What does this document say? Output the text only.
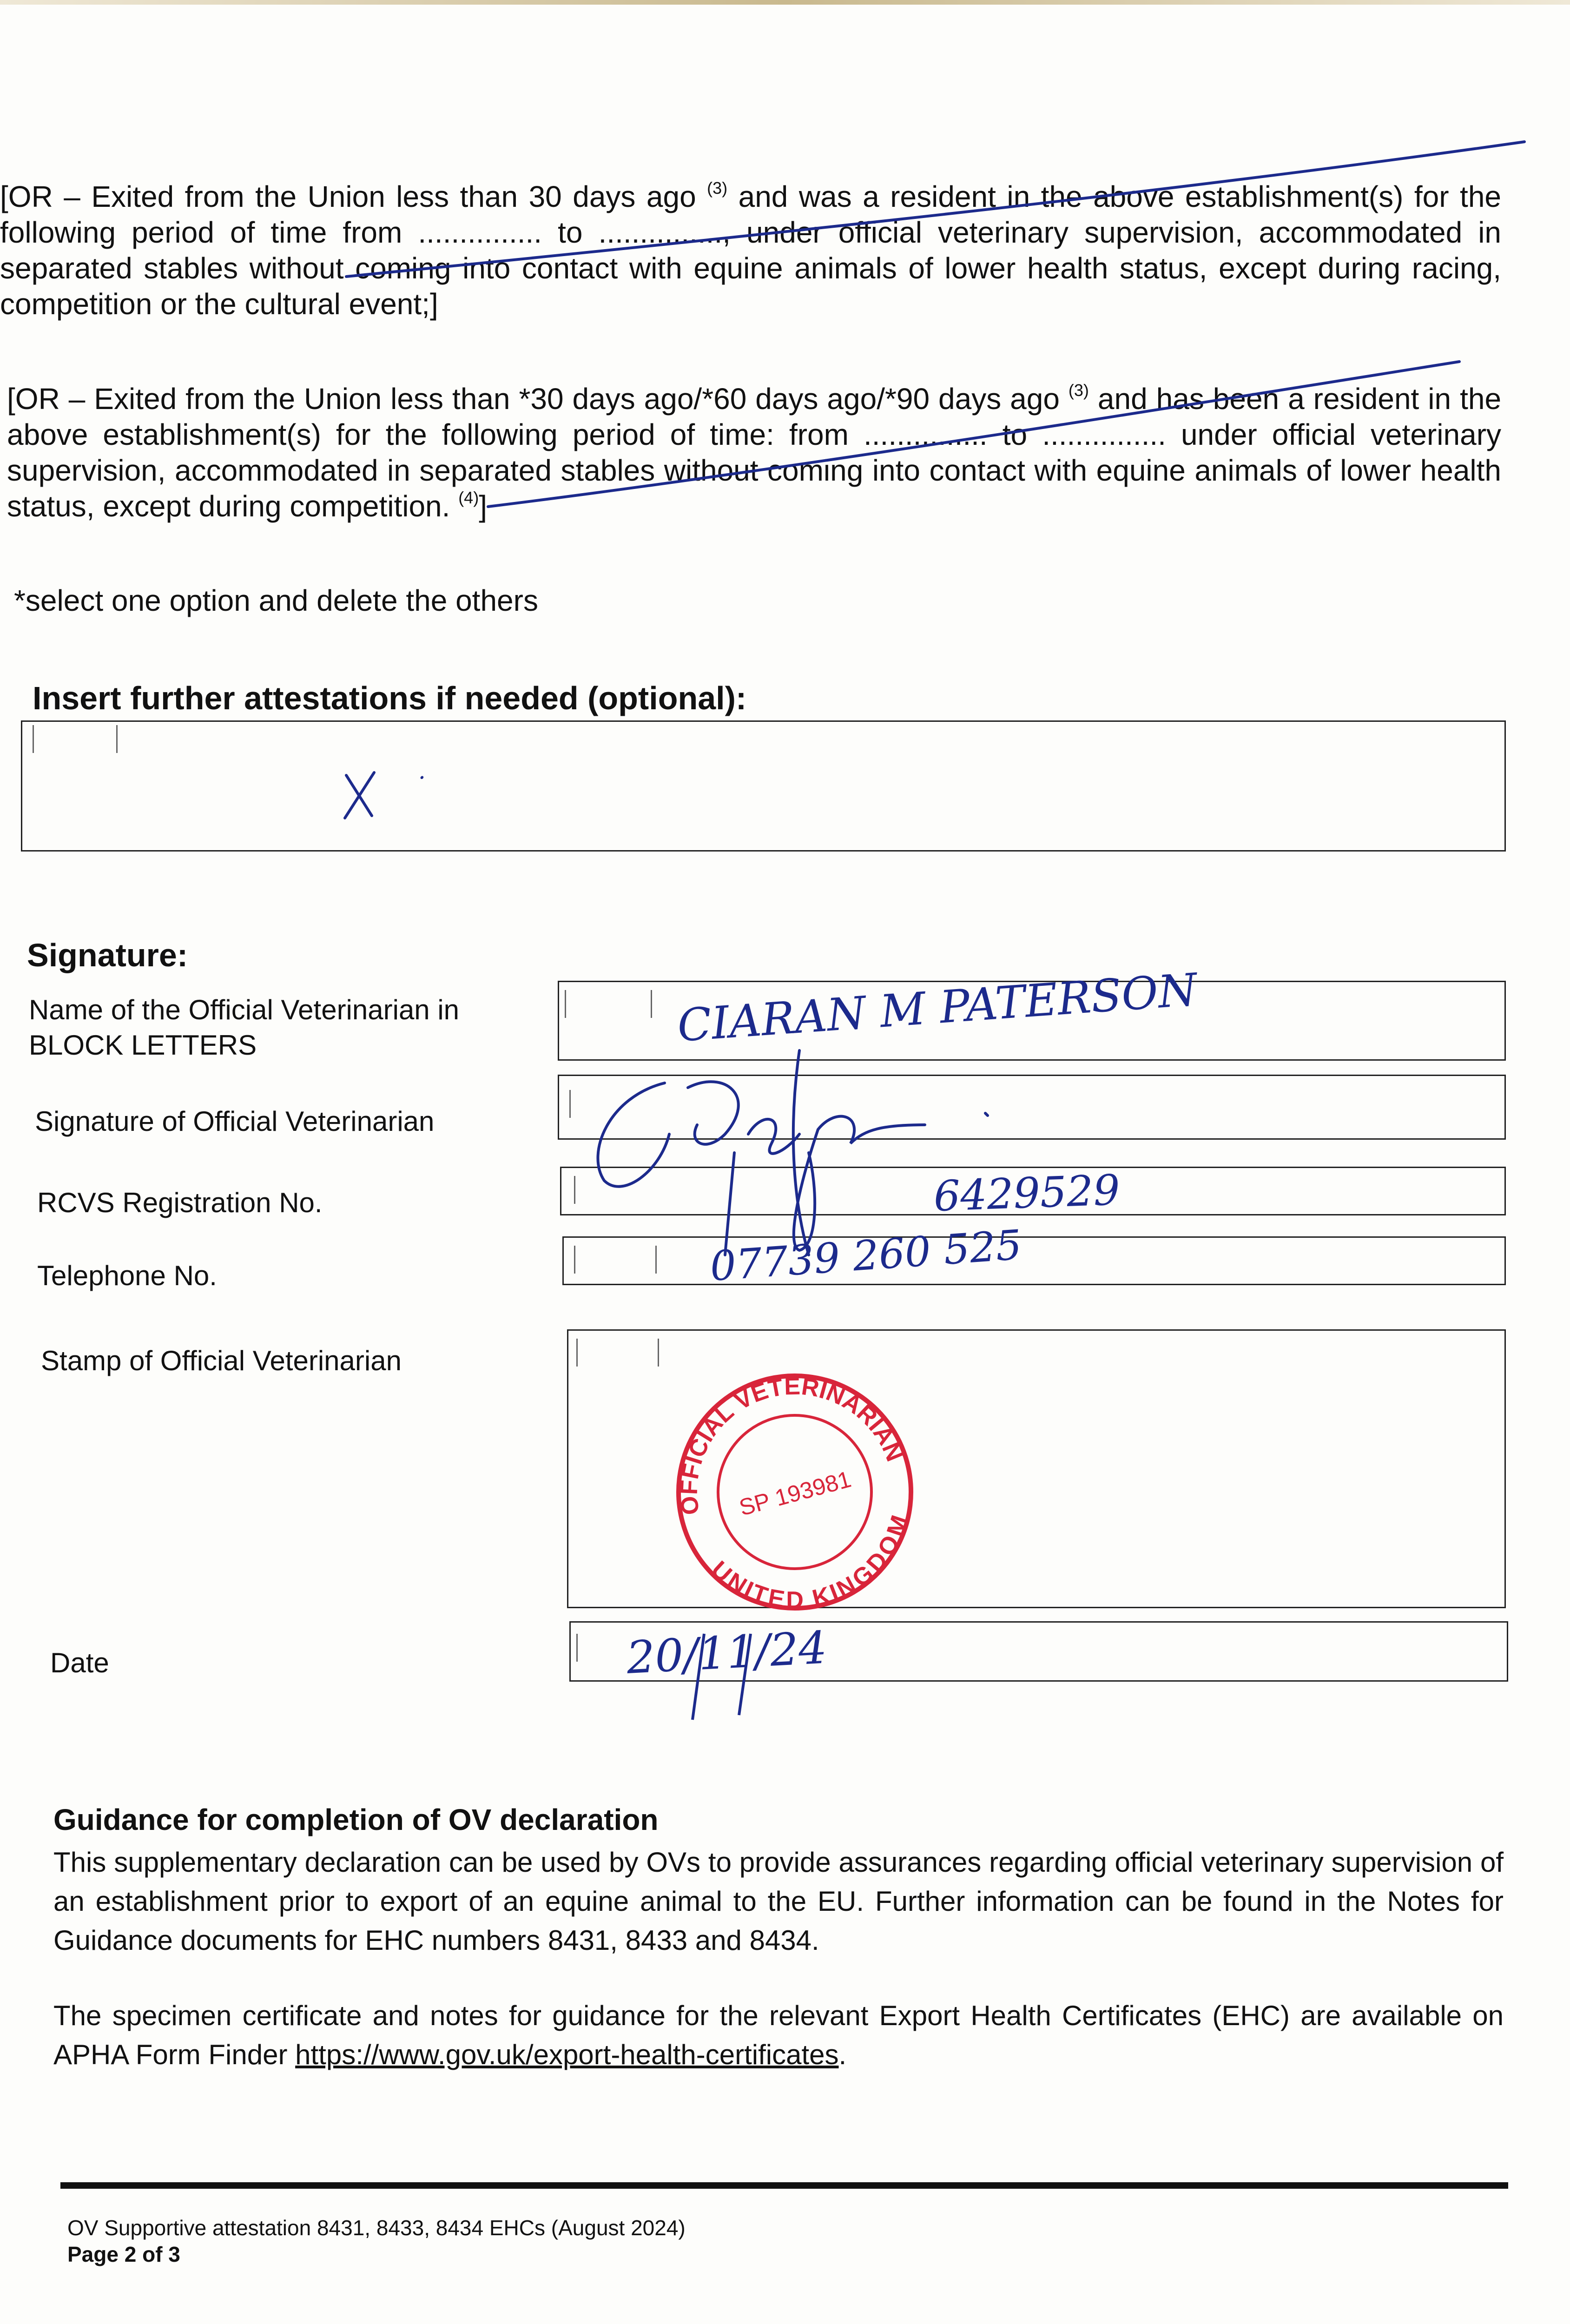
[OR – Exited from the Union less than 30 days ago $^{(3)}$ and was a resident in the above establishment(s) for the following period of time from ............... to ..............., under official veterinary supervision, accommodated in separated stables without coming into contact with equine animals of lower health status, except during racing, competition or the cultural event;]
[OR – Exited from the Union less than *30 days ago/*60 days ago/*90 days ago $^{(3)}$ and has been a resident in the above establishment(s) for the following period of time: from ............... to ............... under official veterinary supervision, accommodated in separated stables without coming into contact with equine animals of lower health status, except during competition. $^{(4)}$]
*select one option and delete the others
Insert further attestations if needed (optional):
Signature:
Name of the Official Veterinarian in BLOCK LETTERS
Signature of Official Veterinarian
RCVS Registration No.
Telephone No.
Stamp of Official Veterinarian
Date
Guidance for completion of OV declaration
This supplementary declaration can be used by OVs to provide assurances regarding official veterinary supervision of an establishment prior to export of an equine animal to the EU. Further information can be found in the Notes for Guidance documents for EHC numbers 8431, 8433 and 8434.
The specimen certificate and notes for guidance for the relevant Export Health Certificates (EHC) are available on APHA Form Finder https://www.gov.uk/export-health-certificates.
OV Supportive attestation 8431, 8433, 8434 EHCs (August 2024)
Page 2 of 3
·
CIARAN M PATERSON
6429529
07739 260 525
20/11/24
OFFICIAL VETERINARIAN
UNITED KINGDOM
SP 193981
